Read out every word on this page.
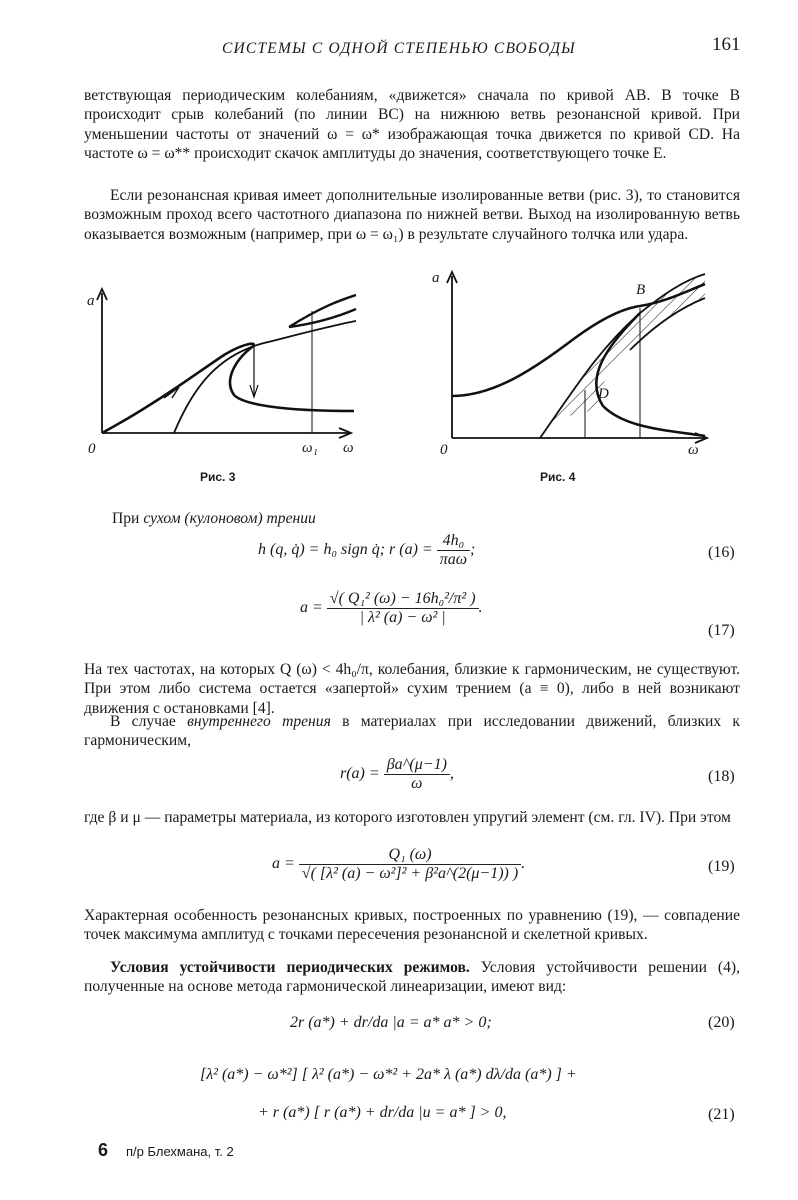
СИСТЕМЫ С ОДНОЙ СТЕПЕНЬЮ СВОБОДЫ	161

ветствующая периодическим колебаниям, «движется» сначала по кривой AB. В точке B происходит срыв колебаний (по линии BC) на нижнюю ветвь резонансной кривой. При уменьшении частоты от значений ω = ω* изображающая точка движется по кривой CD. На частоте ω = ω** происходит скачок амплитуды до значения, соответствующего точке E.

Если резонансная кривая имеет дополнительные изолированные ветви (рис. 3), то становится возможным проход всего частотного диапазона по нижней ветви. Выход на изолированную ветвь оказывается возможным (например, при ω = ω₁) в результате случайного толчка или удара.

a
0	ω₁ ω
Рис. 3
a
0	ω
B
D
Рис. 4
При сухом (кулоновом) трении
h (q, q̇) = h₀ sign q̇; r $(a) = \frac{\text{4h₀}}{\text{πaω}}$ ;	(16)
$a = \frac{\text{√( Q₁² (ω) − 16h₀²/π² )}}{\text{| λ² (a) − ω² |}}$ .
(17)

На тех частотах, на которых Q (ω) < 4h₀/π, колебания, близкие к гармоническим, не существуют. При этом либо система остается «запертой» сухим трением (a ≡ 0), либо в ней возникают движения с остановками [4].

В случае внутреннего трения в материалах при исследовании движений, близких к гармоническим,

$r(a) = \frac{\beta a\^{}(\mu-1)}{\omega}$ ,	(18)

где β и μ — параметры материала, из которого изготовлен упругий элемент (см. гл. IV). При этом

$a = \frac{\text{Q₁ (ω)}}{\text{√( [λ² (a) − ω²]² + β²a\textasciicircum{}(2(μ−1)) )}}$ .	(19)

Характерная особенность резонансных кривых, построенных по уравнению (19), — совпадение точек максимума амплитуд с точками пересечения резонансной и скелетной кривых.

Условия устойчивости периодических режимов. Условия устойчивости решении (4), полученные на основе метода гармонической линеаризации, имеют вид:

2r (a*) + dr/da |a = a* a* > 0;	(20)
[λ² (a*) − ω*²] [ λ² (a*) − ω*² + 2a* λ (a*) dλ/da (a*) ] +
+ r (a*) [ r (a*) + dr/da |u = a* ] > 0,	(21)
6 п/р Блехмана, т. 2
